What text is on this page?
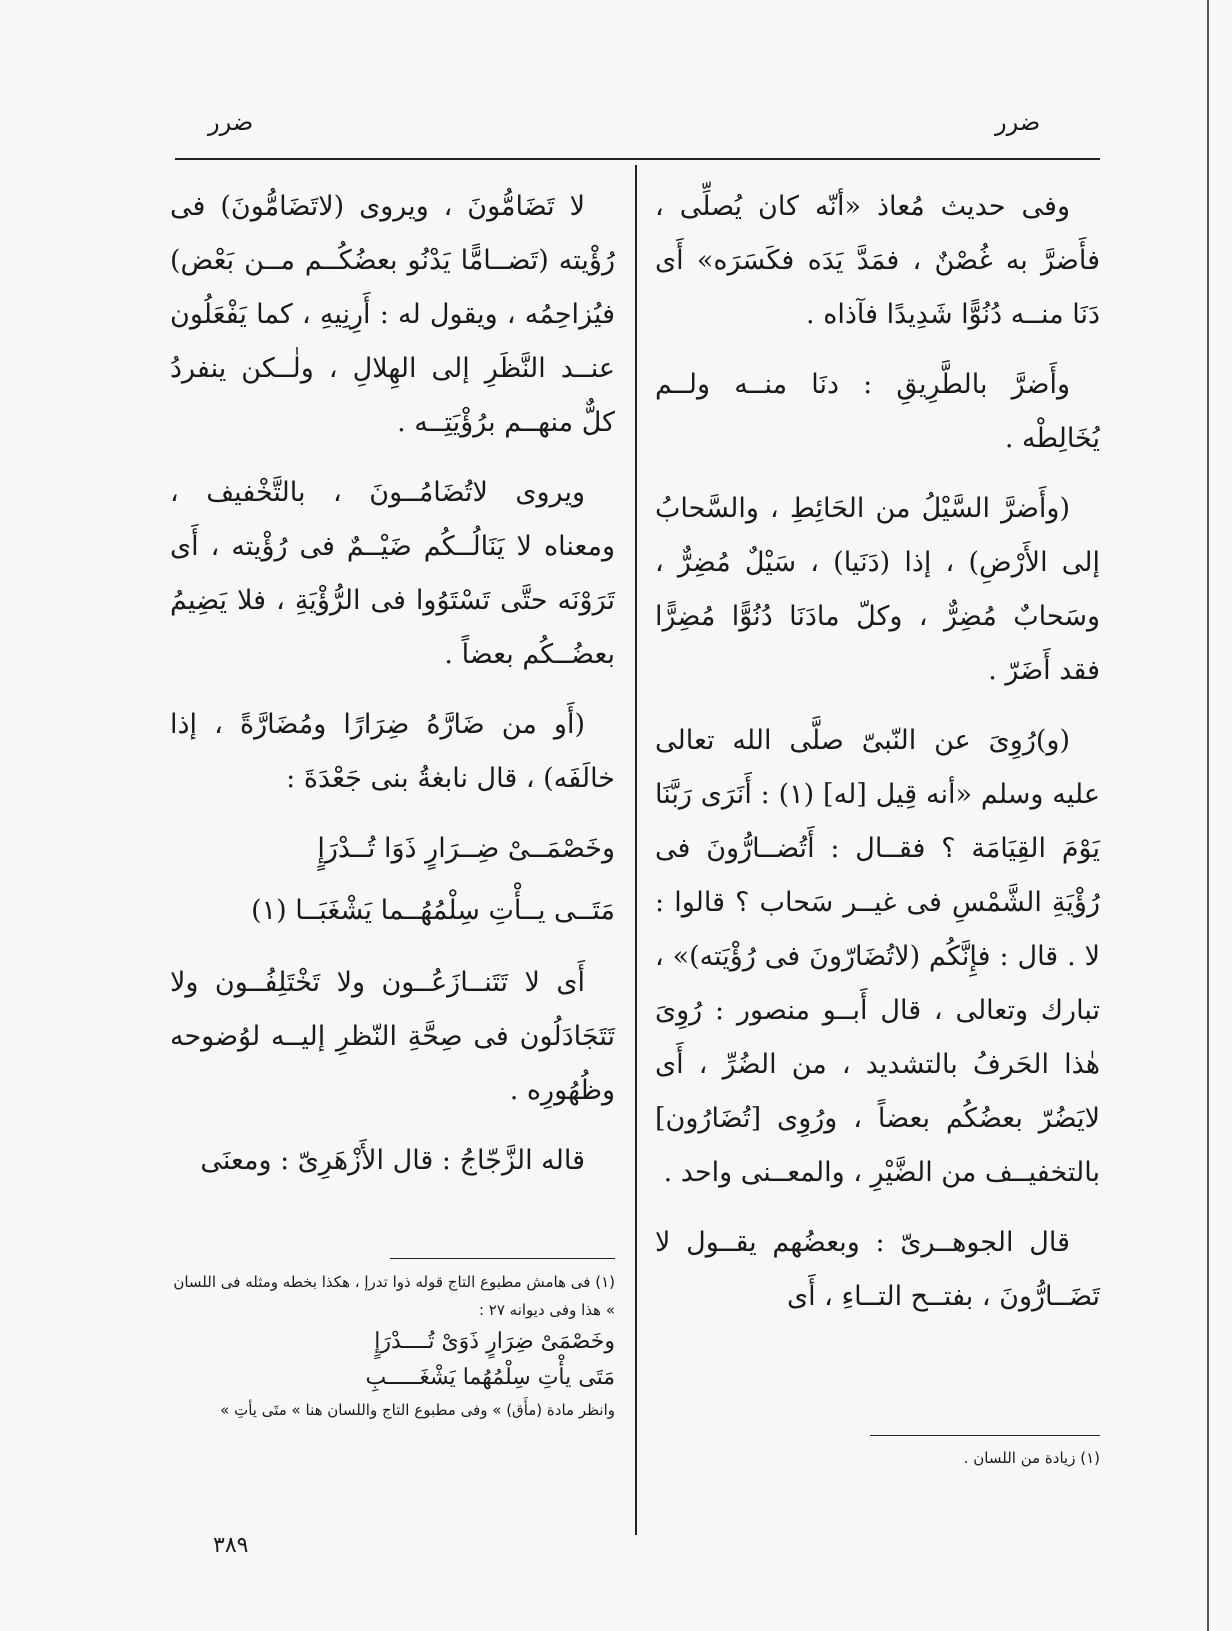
ضرر
ضرر

وفى حديث مُعاذ «أنّه كان يُصلِّى ، فأَضرَّ به غُصْنٌ ، فمَدَّ يَدَه فكَسَرَه» أَى دَنَا منــه دُنُوًّا شَدِيدًا فآذاه .

وأَضرَّ بالطَّرِيقِ : دنَا منــه ولــم يُخَالِطْه .

(وأَضرَّ السَّيْلُ من الحَائِطِ ، والسَّحابُ إلى الأَرْضِ) ، إذا (دَنَيا) ، سَيْلٌ مُضِرٌّ ، وسَحابٌ مُضِرٌّ ، وكلّ مادَنَا دُنُوًّا مُضِرًّا فقد أَضَرّ .

(و)رُوِىَ عن النّبىّ صلَّى الله تعالى عليه وسلم «أنه قِيل [له] (١) : أَنَرَى رَبَّنَا يَوْمَ القِيَامَة ؟ فقــال : أَتُضــارُّونَ فى رُؤْيَةِ الشَّمْسِ فى غيــر سَحاب ؟ قالوا : لا . قال : فإِنَّكُم (لاتُضَارّونَ فى رُؤْيَته)» ، تبارك وتعالى ، قال أَبــو منصور : رُوِىَ هٰذا الحَرفُ بالتشديد ، من الضُرِّ ، أَى لايَضُرّ بعضُكُم بعضاً ، ورُوِى [تُضَارُون] بالتخفيــف من الضَّيْرِ ، والمعــنى واحد .

قال الجوهــرىّ : وبعضُهم يقــول لا تَضَــارُّونَ ، بفتــح التــاءِ ، أَى

لا تَضَامُّونَ ، ويروى (لاتَضَامُّونَ) فى رُؤْيته (تَضــامًّا يَدْنُو بعضُكُــم مــن بَعْض) فيُزاحِمُه ، ويقول له : أَرِنِيهِ ، كما يَفْعَلُون عنــد النَّظَرِ إلى الهِلالِ ، ولٰــكن ينفردُ كلٌّ منهــم برُؤْيَتِــه .

ويروى لاتُضَامُــونَ ، بالتَّخْفيف ، ومعناه لا يَنَالُــكُم ضَيْــمٌ فى رُؤْيته ، أَى تَرَوْنَه حتَّى تَسْتَوُوا فى الرُّؤْيَةِ ، فلا يَضِيمُ بعضُــكُم بعضاً .

(أَو من ضَارَّهُ ضِرَارًا ومُضَارَّةً ، إذا خالَفَه) ، قال نابغةُ بنى جَعْدَةَ :

وخَصْمَــىْ ضِــرَارٍ ذَوَا تُــدْرَإٍ
مَتَــى يــأْتِ سِلْمُهُــما يَشْغَبَــا (١)

أَى لا تَتَنــازَعُــون ولا تَخْتَلِفُــون ولا تَتَجَادَلُون فى صِحَّةِ النّظرِ إليــه لوُضوحه وظُهُورِه .

قاله الزَّجّاجُ : قال الأَزْهَرِىّ : ومعنَى

(١) فى هامش مطبوع التاج قوله ذوا تدرإ ، هكذا بخطه ومثله فى اللسان » هذا وفى ديوانه ٢٧ :
وخَصْمَىْ ضِرَارٍ ذَوَىْ تُــــدْرَإٍ
مَتَى يأْتِ سِلْمُهُما يَشْغَـــــبِ
وانظر مادة (مأَق) » وفى مطبوع التاج واللسان هنا » متَى يأتِ »
(١) زيادة من اللسان .
٣٨٩
